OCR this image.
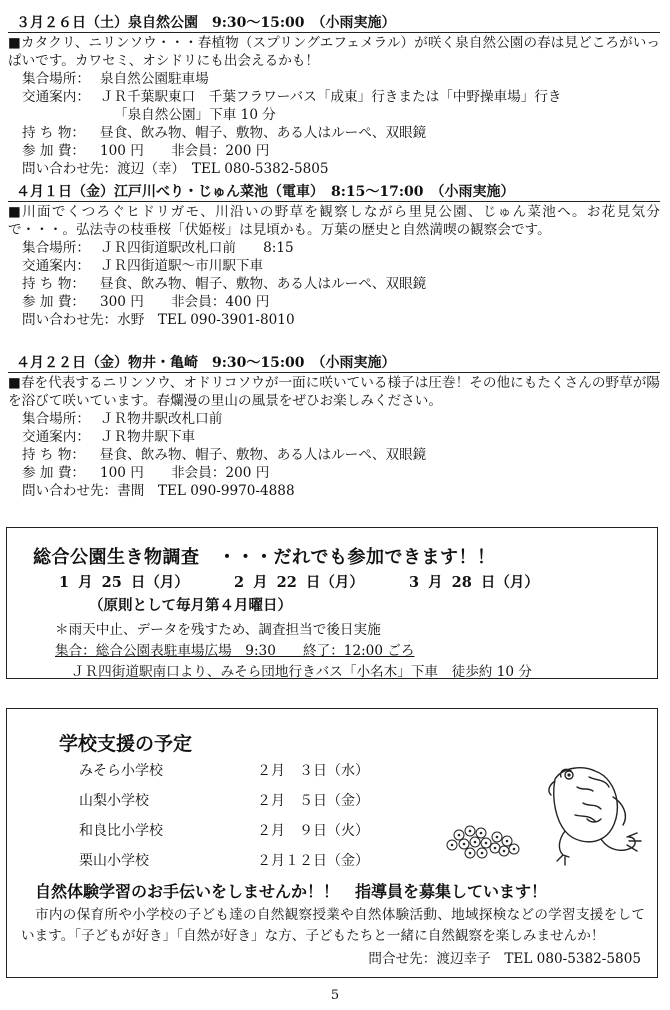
３月２６日（土）泉自然公園　9:30〜15:00　（小雨実施）
■カタクリ、ニリンソウ・・・春植物（スプリングエフェメラル）が咲く泉自然公園の春は見どころがいっぱいです。カワセミ、オシドリにも出会えるかも！
集合場所： 泉自然公園駐車場
交通案内： ＪＲ千葉駅東口　千葉フラワーバス「成東」行きまたは「中野操車場」行き
「泉自然公園」下車 10 分
持 ち 物： 昼食、飲み物、帽子、敷物、ある人はルーペ、双眼鏡
参 加 費： 100 円　　非会員：200 円
問い合わせ先：渡辺（幸）　TEL 080-5382-5805
４月１日（金）江戸川べり・じゅん菜池（電車）　8:15〜17:00　（小雨実施）
■川面でくつろぐヒドリガモ、川沿いの野草を観察しながら里見公園、じゅん菜池へ。お花見気分で・・・。弘法寺の枝垂桜「伏姫桜」は見頃かも。万葉の歴史と自然満喫の観察会です。
集合場所： ＪＲ四街道駅改札口前　　8:15
交通案内： ＪＲ四街道駅〜市川駅下車
持 ち 物： 昼食、飲み物、帽子、敷物、ある人はルーペ、双眼鏡
参 加 費： 300 円　　非会員：400 円
問い合わせ先：水野　TEL 090-3901-8010
４月２２日（金）物井・亀崎　9:30〜15:00　（小雨実施）
■春を代表するニリンソウ、オドリコソウが一面に咲いている様子は圧巻！その他にもたくさんの野草が陽を浴びて咲いています。春爛漫の里山の風景をぜひお楽しみください。
集合場所： ＪＲ物井駅改札口前
交通案内： ＪＲ物井駅下車
持 ち 物： 昼食、飲み物、帽子、敷物、ある人はルーペ、双眼鏡
参 加 費： 100 円　　非会員：200 円
問い合わせ先：書間　TEL 090-9970-4888
総合公園生き物調査　・・・だれでも参加できます！！
1 月 25 日（月）	2 月 22 日（月）	3 月 28 日（月）
（原則として毎月第４月曜日）
＊雨天中止、データを残すため、調査担当で後日実施
集合：総合公園表駐車場広場　9:30　　終了：12:00 ごろ
ＪＲ四街道駅南口より、みそら団地行きバス「小名木」下車　徒歩約 10 分
学校支援の予定
みそら小学校	２月　３日（水）
山梨小学校	２月　５日（金）
和良比小学校	２月　９日（火）
栗山小学校	２月１２日（金）
自然体験学習のお手伝いをしませんか！！　指導員を募集しています！
市内の保育所や小学校の子ども達の自然観察授業や自然体験活動、地域探検などの学習支援をしています。「子どもが好き」「自然が好き」な方、子どもたちと一緒に自然観察を楽しみませんか！
問合せ先：渡辺幸子　TEL 080-5382-5805
5
